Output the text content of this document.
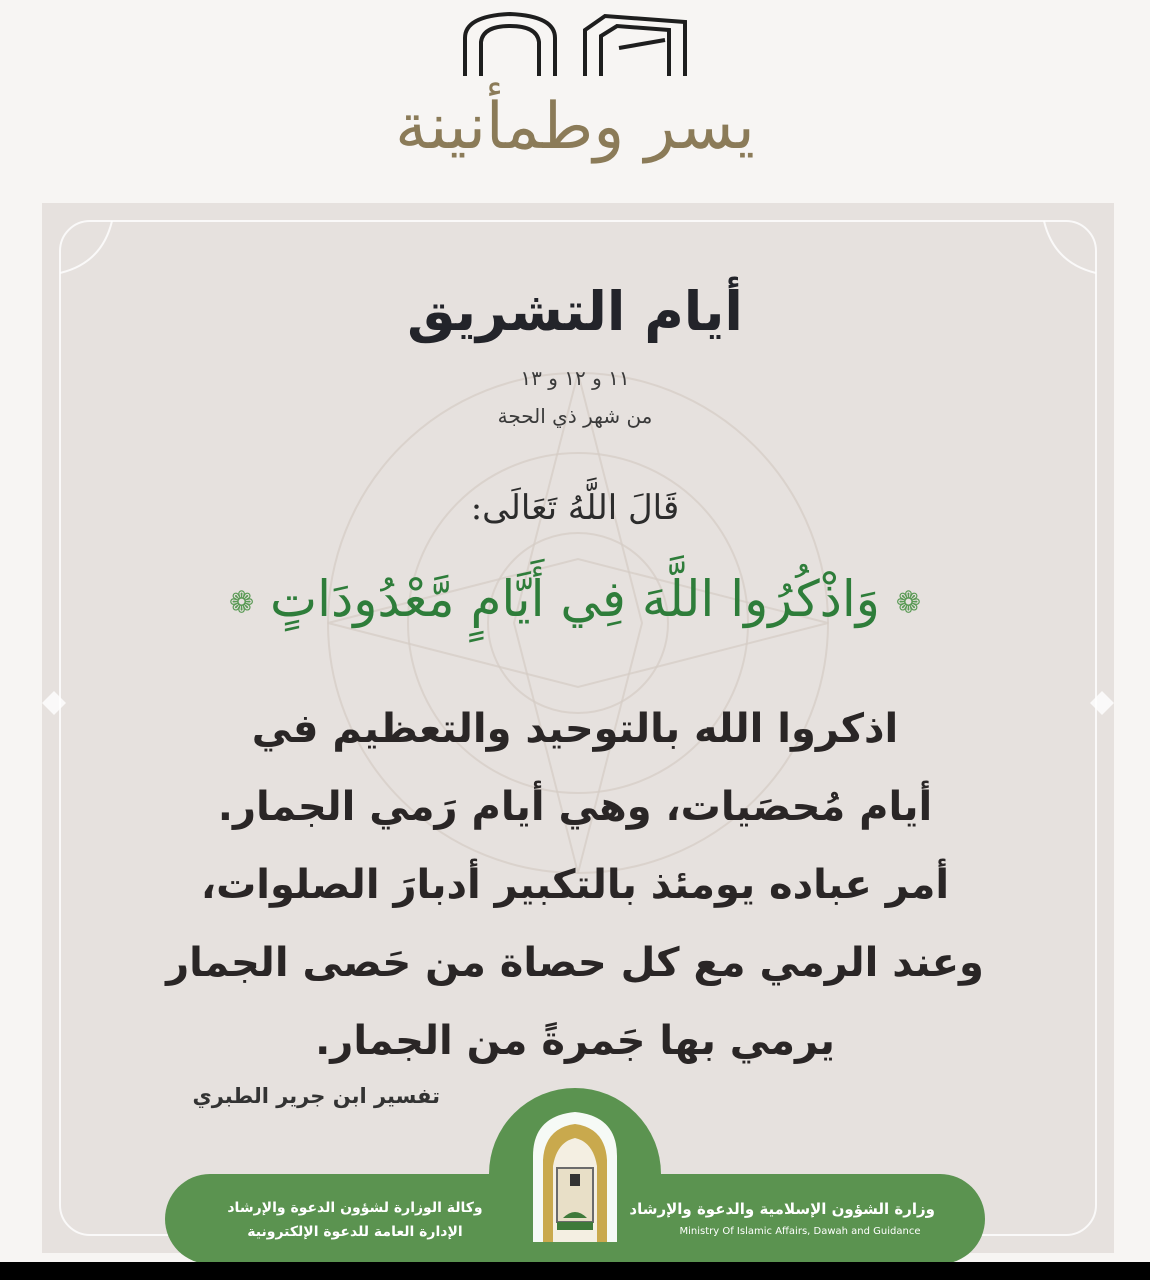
يسر وطمأنينة
أيام التشريق
١١ و ١٢ و ١٣
من شهر ذي الحجة
قَالَ اللَّهُ تَعَالَى:
❁ وَاذْكُرُوا اللَّهَ فِي أَيَّامٍ مَّعْدُودَاتٍ ❁
اذكروا الله بالتوحيد والتعظيم في
أيام مُحصَيات، وهي أيام رَمي الجمار.
أمر عباده يومئذ بالتكبير أدبارَ الصلوات،
وعند الرمي مع كل حصاة من حَصى الجمار
يرمي بها جَمرةً من الجمار.
تفسير ابن جرير الطبري
وكالة الوزارة لشؤون الدعوة والإرشاد
الإدارة العامة للدعوة الإلكترونية
وزارة الشؤون الإسلامية والدعوة والإرشاد
Ministry Of Islamic Affairs, Dawah and Guidance
